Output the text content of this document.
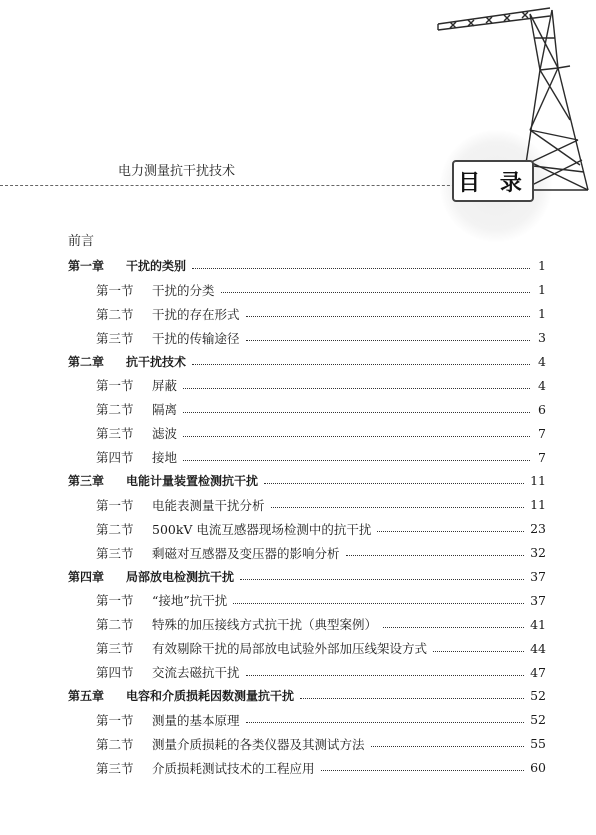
电力测量抗干扰技术	目 录
前言
第一章	干扰的类别	1
第一节	干扰的分类	1
第二节	干扰的存在形式	1
第三节	干扰的传输途径	3
第二章	抗干扰技术	4
第一节	屏蔽	4
第二节	隔离	6
第三节	滤波	7
第四节	接地	7
第三章	电能计量装置检测抗干扰	11
第一节	电能表测量干扰分析	11
第二节	500kV 电流互感器现场检测中的抗干扰	23
第三节	剩磁对互感器及变压器的影响分析	32
第四章	局部放电检测抗干扰	37
第一节	“接地”抗干扰	37
第二节	特殊的加压接线方式抗干扰（典型案例）	41
第三节	有效剔除干扰的局部放电试验外部加压线架设方式	44
第四节	交流去磁抗干扰	47
第五章	电容和介质损耗因数测量抗干扰	52
第一节	测量的基本原理	52
第二节	测量介质损耗的各类仪器及其测试方法	55
第三节	介质损耗测试技术的工程应用	60
